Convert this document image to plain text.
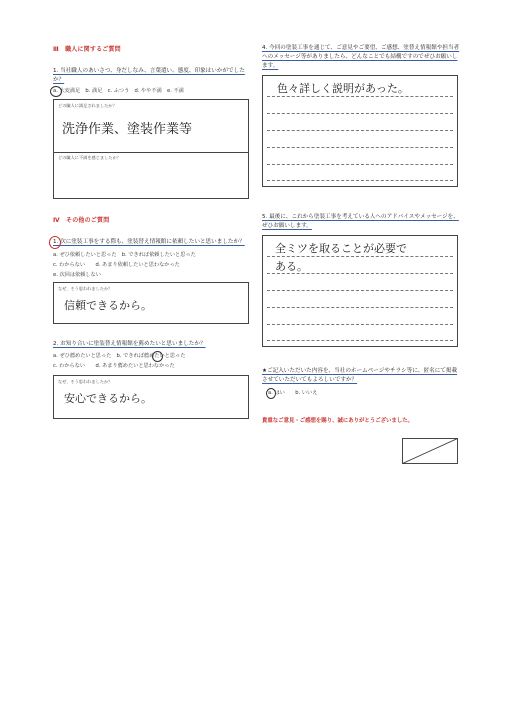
Ⅲ　職人に関するご質問
1. 当社職人のあいさつ、身だしなみ、言葉遣い、態度、印象はいかがでしたか？
a. 大変満足　b. 満足　c. ふつう　d. やや不満　e. 不満
どの職人に満足されましたか？
洗浄作業、塗装作業等
どの職人に不満を感じましたか？
Ⅳ　その他のご質問
1. 次に塗装工事をする際も、塗装替え情報館に依頼したいと思いましたか？
a. ぜひ依頼したいと思った　b. できれば依頼したいと思った
c. わからない　　d. あまり依頼したいと思わなかった
e. 次回は依頼しない
なぜ、そう思われましたか？
信頼できるから。
2. お知り合いに塗装替え情報館を薦めたいと思いましたか？
a. ぜひ薦めたいと思った　b. できれば薦めたいと思った
c. わからない　　d. あまり薦めたいと思わなかった
なぜ、そう思われましたか？
安心できるから。
4. 今回の塗装工事を通じて、ご意見やご要望、ご感想、塗替え情報館や担当者へのメッセージ等がありましたら、どんなことでも結構ですのでぜひお願いします。
色々詳しく説明があった。
5. 最後に、これから塗装工事を考えている人へのアドバイスやメッセージを、ぜひお願いします。
全ミツを取ることが必要で
ある。
★ご記入いただいた内容を、当社のホームページやチラシ等に、匿名にて掲載させていただいてもよろしいですか？
a. はい　　b. いいえ
貴重なご意見・ご感想を賜り、誠にありがとうございました。
